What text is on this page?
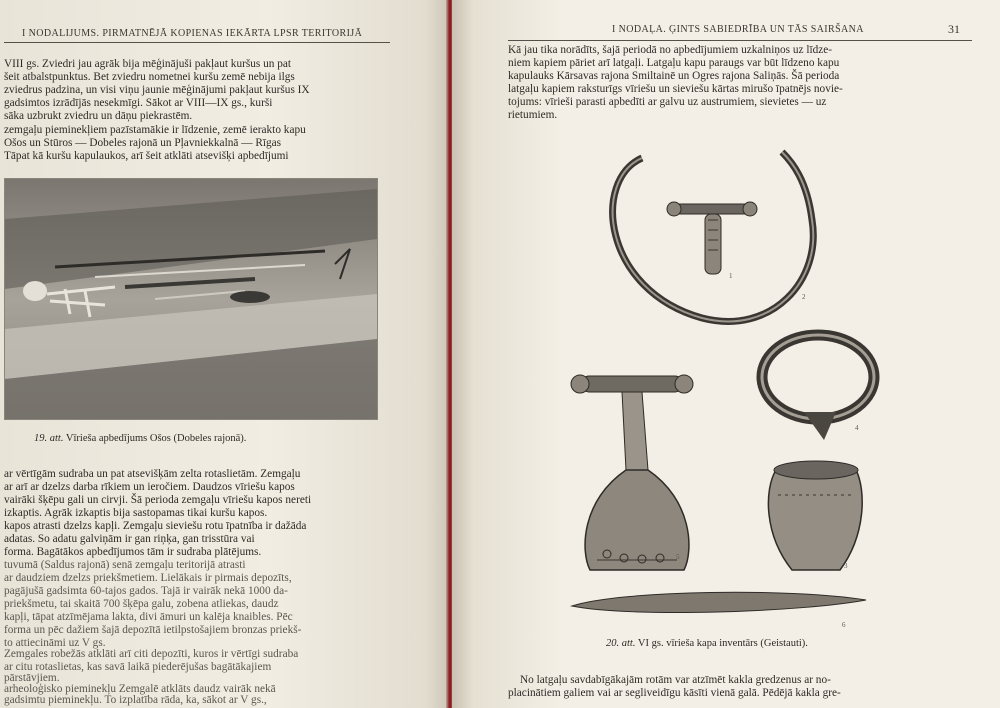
I NODALIJUMS. PIRMATNĒJĀ KOPIENAS IEKĀRTA LPSR TERITORIJĀ

VIII gs. Zviedri jau agrāk bija mēģinājuši pakļaut kuršus un pat

šeit atbalstpunktus. Bet zviedru nometnei kuršu zemē nebija ilgs

zviedrus padzina, un visi viņu jaunie mēģinājumi pakļaut kuršus IX

gadsimtos izrādījās nesekmīgi. Sākot ar VIII—IX gs., kurši

sāka uzbrukt zviedru un dāņu piekrastēm.

zemgaļu pieminekļiem pazīstamākie ir līdzenie, zemē ierakto kapu

Ošos un Stūros — Dobeles rajonā un Pļavniekkalnā — Rīgas

Tāpat kā kuršu kapulaukos, arī šeit atklāti atsevišķi apbedījumi

19. att. Vīrieša apbedījums Ošos (Dobeles rajonā).

ar vērtīgām sudraba un pat atsevišķām zelta rotaslietām. Zemgaļu

ar arī ar dzelzs darba rīkiem un ieročiem. Daudzos vīriešu kapos

vairāki šķēpu gali un cirvji. Šā perioda zemgaļu vīriešu kapos nereti

izkaptis. Agrāk izkaptis bija sastopamas tikai kuršu kapos.

kapos atrasti dzelzs kapļi. Zemgaļu sieviešu rotu īpatnība ir dažāda

adatas. So adatu galviņām ir gan riņķa, gan trisstūra vai

forma. Bagātākos apbedījumos tām ir sudraba plātējums.

tuvumā (Saldus rajonā) senā zemgaļu teritorijā atrasti

ar daudziem dzelzs priekšmetiem. Lielākais ir pirmais depozīts,

pagājušā gadsimta 60-tajos gados. Tajā ir vairāk nekā 1000 da-

priekšmetu, tai skaitā 700 šķēpa galu, zobena atliekas, daudz

kapļi, tāpat atzīmējama lakta, divi āmuri un kalēja knaibles. Pēc

forma un pēc dažiem šajā depozītā ietilpstošajiem bronzas priekš-

to attiecināmi uz V gs.

Zemgales robežās atklāti arī citi depozīti, kuros ir vērtīgi sudraba

ar citu rotaslietas, kas savā laikā piederējušas bagātākajiem

pārstāvjiem.

arheoloģisko pieminekļu Zemgalē atklāts daudz vairāk nekā

gadsimtu pieminekļu. To izplatība rāda, ka, sākot ar V gs.,

I NODAĻA. ĢINTS SABIEDRĪBA UN TĀS SAIRŠANA	31

Kā jau tika norādīts, šajā periodā no apbedījumiem uzkalniņos uz līdze-

niem kapiem pāriet arī latgaļi. Latgaļu kapu paraugs var būt līdzeno kapu

kapulauks Kārsavas rajona Smiltainē un Ogres rajona Saliņās. Šā perioda

latgaļu kapiem raksturīgs vīriešu un sieviešu kārtas mirušo īpatnējs novie-

tojums: vīrieši parasti apbedīti ar galvu uz austrumiem, sievietes — uz

rietumiem.

1
2
3
4
5
6
20. att. VI gs. vīrieša kapa inventārs (Geistauti).

No latgaļu savdabīgākajām rotām var atzīmēt kakla gredzenus ar no-

placinātiem galiem vai ar segliveidīgu kāsīti vienā galā. Pēdējā kakla gre-
